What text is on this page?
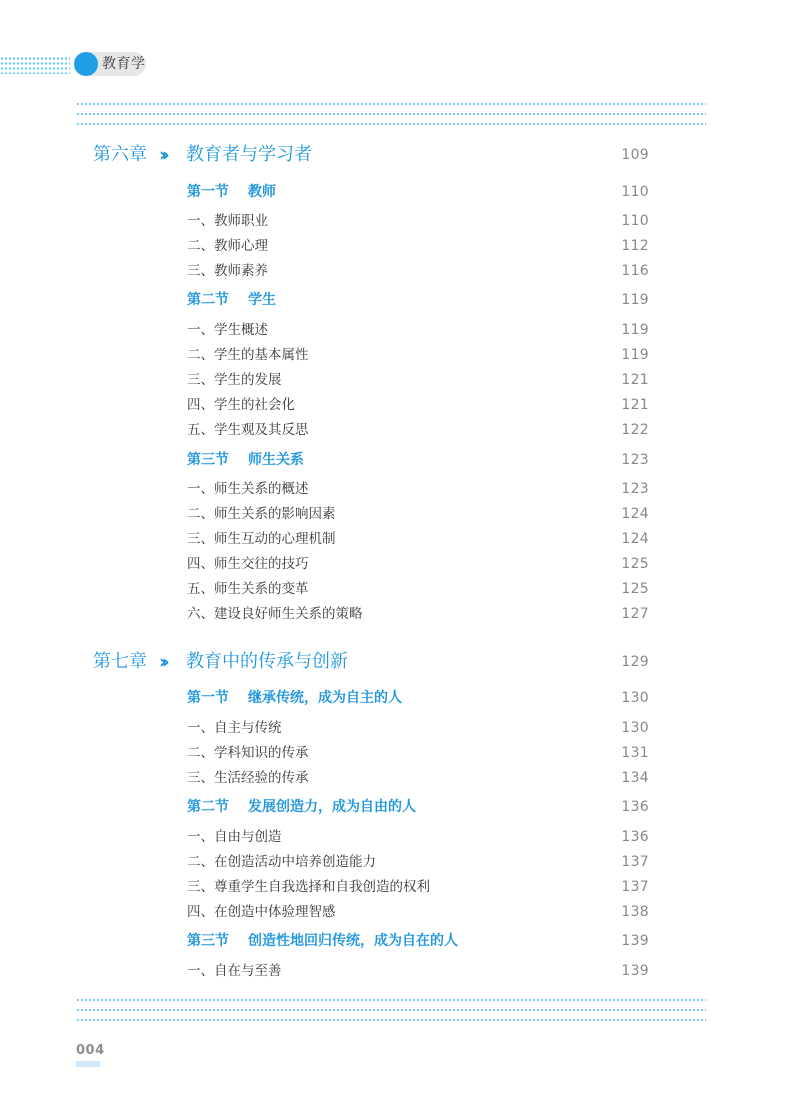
教育学
第六章 ›› 教育者与学习者	109
第一节 教师	110
一、教师职业	110
二、教师心理	112
三、教师素养	116
第二节 学生	119
一、学生概述	119
二、学生的基本属性	119
三、学生的发展	121
四、学生的社会化	121
五、学生观及其反思	122
第三节 师生关系	123
一、师生关系的概述	123
二、师生关系的影响因素	124
三、师生互动的心理机制	124
四、师生交往的技巧	125
五、师生关系的变革	125
六、建设良好师生关系的策略	127
第七章 ›› 教育中的传承与创新	129
第一节 继承传统，成为自主的人	130
一、自主与传统	130
二、学科知识的传承	131
三、生活经验的传承	134
第二节 发展创造力，成为自由的人	136
一、自由与创造	136
二、在创造活动中培养创造能力	137
三、尊重学生自我选择和自我创造的权利	137
四、在创造中体验理智感	138
第三节 创造性地回归传统，成为自在的人	139
一、自在与至善	139
004
